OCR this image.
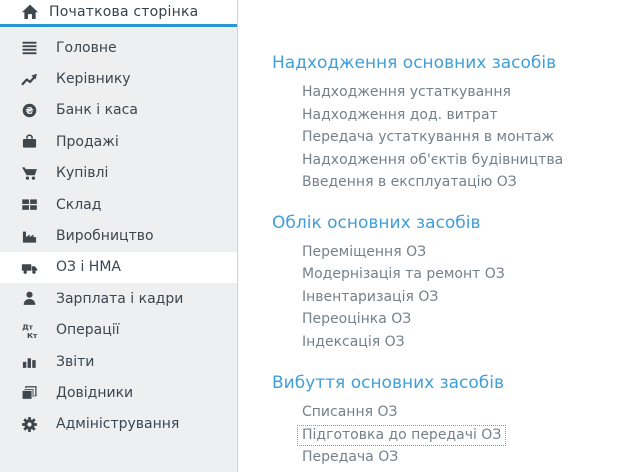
Початкова сторінка
Головне
Керівнику
₴ Банк і каса
Продажі
Купівлі
Склад
Виробництво
ОЗ і НМА
Зарплата і кадри
Дт
Кт Операції
Звіти
Довідники
Адміністрування
Надходження основних засобів
Надходження устаткування
Надходження дод. витрат
Передача устаткування в монтаж
Надходження об'єктів будівництва
Введення в експлуатацію ОЗ
Облік основних засобів
Переміщення ОЗ
Модернізація та ремонт ОЗ
Інвентаризація ОЗ
Переоцінка ОЗ
Індексація ОЗ
Вибуття основних засобів
Списання ОЗ
Підготовка до передачі ОЗ
Передача ОЗ
